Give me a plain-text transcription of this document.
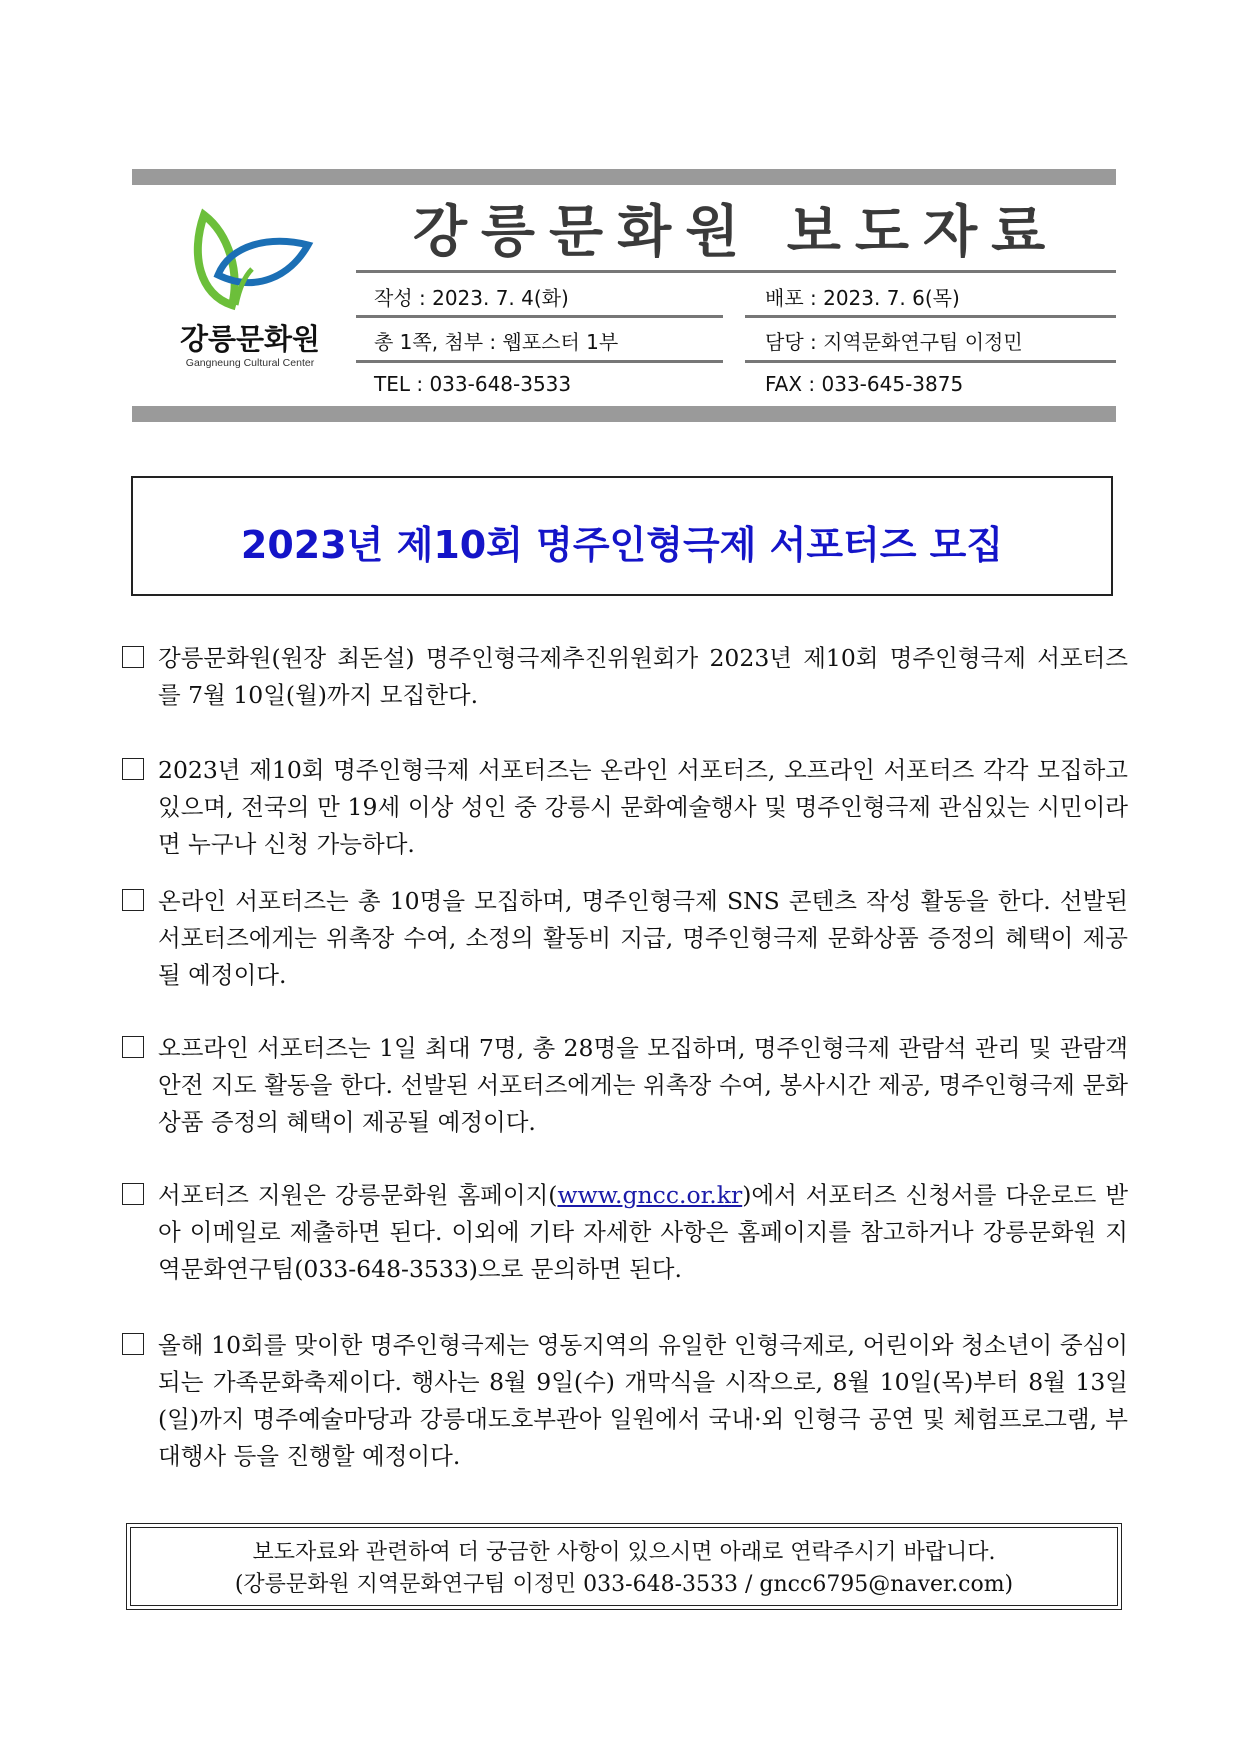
강릉문화원
Gangneung Cultural Center
강릉문화원 보도자료
작성 : 2023. 7. 4(화)	배포 : 2023. 7. 6(목)
총 1쪽, 첨부 : 웹포스터 1부	담당 : 지역문화연구팀 이정민
TEL : 033-648-3533	FAX : 033-645-3875
2023년 제10회 명주인형극제 서포터즈 모집
강릉문화원(원장 최돈설) 명주인형극제추진위원회가 2023년 제10회 명주인형극제 서포터즈를 7월 10일(월)까지 모집한다.
2023년 제10회 명주인형극제 서포터즈는 온라인 서포터즈, 오프라인 서포터즈 각각 모집하고 있으며, 전국의 만 19세 이상 성인 중 강릉시 문화예술행사 및 명주인형극제 관심있는 시민이라면 누구나 신청 가능하다.
온라인 서포터즈는 총 10명을 모집하며, 명주인형극제 SNS 콘텐츠 작성 활동을 한다. 선발된 서포터즈에게는 위촉장 수여, 소정의 활동비 지급, 명주인형극제 문화상품 증정의 혜택이 제공될 예정이다.
오프라인 서포터즈는 1일 최대 7명, 총 28명을 모집하며, 명주인형극제 관람석 관리 및 관람객 안전 지도 활동을 한다. 선발된 서포터즈에게는 위촉장 수여, 봉사시간 제공, 명주인형극제 문화상품 증정의 혜택이 제공될 예정이다.
서포터즈 지원은 강릉문화원 홈페이지(www.gncc.or.kr)에서 서포터즈 신청서를 다운로드 받아 이메일로 제출하면 된다. 이외에 기타 자세한 사항은 홈페이지를 참고하거나 강릉문화원 지역문화연구팀(033-648-3533)으로 문의하면 된다.
올해 10회를 맞이한 명주인형극제는 영동지역의 유일한 인형극제로, 어린이와 청소년이 중심이 되는 가족문화축제이다. 행사는 8월 9일(수) 개막식을 시작으로, 8월 10일(목)부터 8월 13일(일)까지 명주예술마당과 강릉대도호부관아 일원에서 국내·외 인형극 공연 및 체험프로그램, 부대행사 등을 진행할 예정이다.
보도자료와 관련하여 더 궁금한 사항이 있으시면 아래로 연락주시기 바랍니다.
(강릉문화원 지역문화연구팀 이정민 033-648-3533 / gncc6795@naver.com)
